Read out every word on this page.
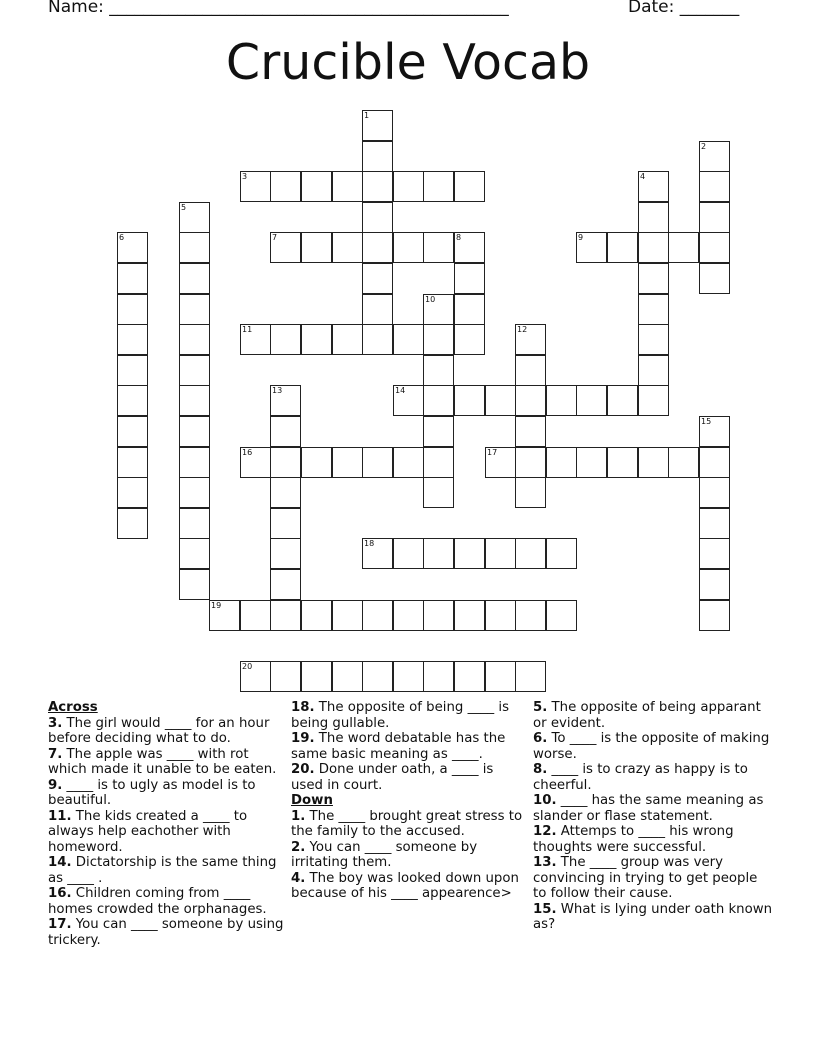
Name: _______________________________________________	Date: _______
Crucible Vocab
1
2
3	4
5
6	7	8	9
10
11	12
13	14
15
16	17
18
19
20
Across
3. The girl would ____ for an hour before deciding what to do.
7. The apple was ____ with rot which made it unable to be eaten.
9. ____ is to ugly as model is to beautiful.
11. The kids created a ____ to always help eachother with homeword.
14. Dictatorship is the same thing as ____ .
16. Children coming from ____ homes crowded the orphanages.
17. You can ____ someone by using trickery.
18. The opposite of being ____ is being gullable.
19. The word debatable has the same basic meaning as ____.
20. Done under oath, a ____ is used in court.
Down
1. The ____ brought great stress to the family to the accused.
2. You can ____ someone by irritating them.
4. The boy was looked down upon because of his ____ appearence>
5. The opposite of being apparant or evident.
6. To ____ is the opposite of making worse.
8. ____ is to crazy as happy is to cheerful.
10. ____ has the same meaning as slander or flase statement.
12. Attemps to ____ his wrong thoughts were successful.
13. The ____ group was very convincing in trying to get people to follow their cause.
15. What is lying under oath known as?
